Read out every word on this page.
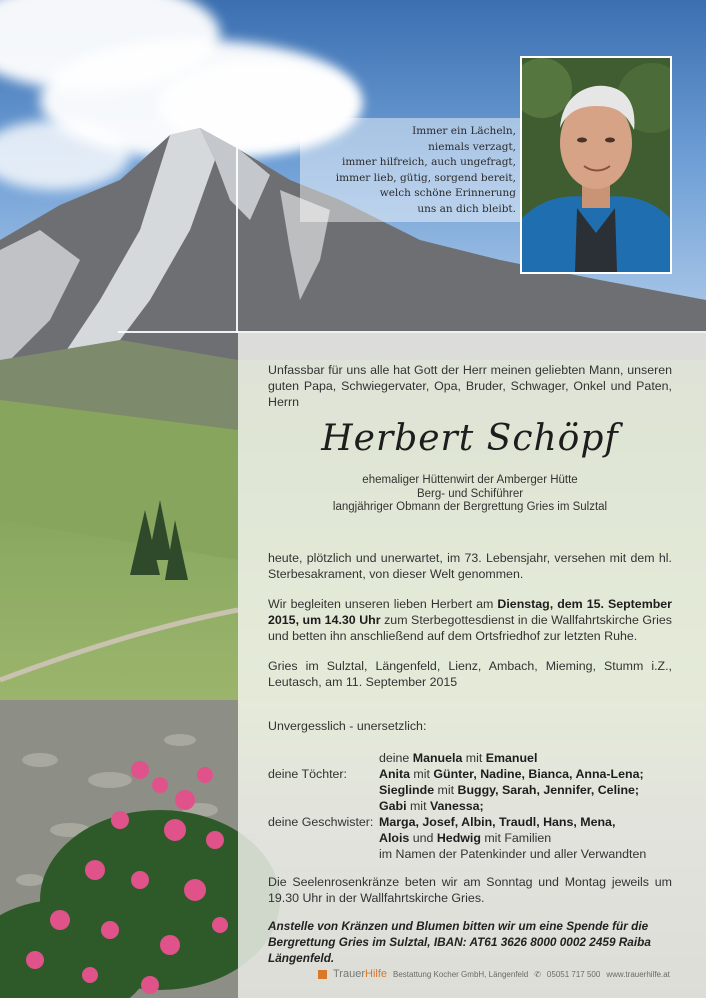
Immer ein Lächeln,
niemals verzagt,
immer hilfreich, auch ungefragt,
immer lieb, gütig, sorgend bereit,
welch schöne Erinnerung
uns an dich bleibt.
Unfassbar für uns alle hat Gott der Herr meinen geliebten Mann, unseren guten Papa, Schwiegervater, Opa, Bruder, Schwager, Onkel und Paten, Herrn
Herbert Schöpf
ehemaliger Hüttenwirt der Amberger Hütte
Berg- und Schiführer
langjähriger Obmann der Bergrettung Gries im Sulztal
heute, plötzlich und unerwartet, im 73. Lebensjahr, versehen mit dem hl. Sterbesakrament, von dieser Welt genommen.
Wir begleiten unseren lieben Herbert am Dienstag, dem 15. September 2015, um 14.30 Uhr zum Sterbegottesdienst in die Wallfahrtskirche Gries und betten ihn anschließend auf dem Ortsfriedhof zur letzten Ruhe.
Gries im Sulztal, Längenfeld, Lienz, Ambach, Mieming, Stumm i.Z., Leutasch, am 11. September 2015
Unvergesslich - unersetzlich:
deine Manuela mit Emanuel
deine Töchter:	Anita mit Günter, Nadine, Bianca, Anna-Lena;
Sieglinde mit Buggy, Sarah, Jennifer, Celine;
Gabi mit Vanessa;
deine Geschwister: Marga, Josef, Albin, Traudl, Hans, Mena,
Alois und Hedwig mit Familien
im Namen der Patenkinder und aller Verwandten
Die Seelenrosenkränze beten wir am Sonntag und Montag jeweils um 19.30 Uhr in der Wallfahrtskirche Gries.
Anstelle von Kränzen und Blumen bitten wir um eine Spende für die Bergrettung Gries im Sulztal, IBAN: AT61 3626 8000 0002 2459 Raiba Längenfeld.
TrauerHilfe Bestattung Kocher GmbH, Längenfeld ✆ 05051 717 500 www.trauerhilfe.at
